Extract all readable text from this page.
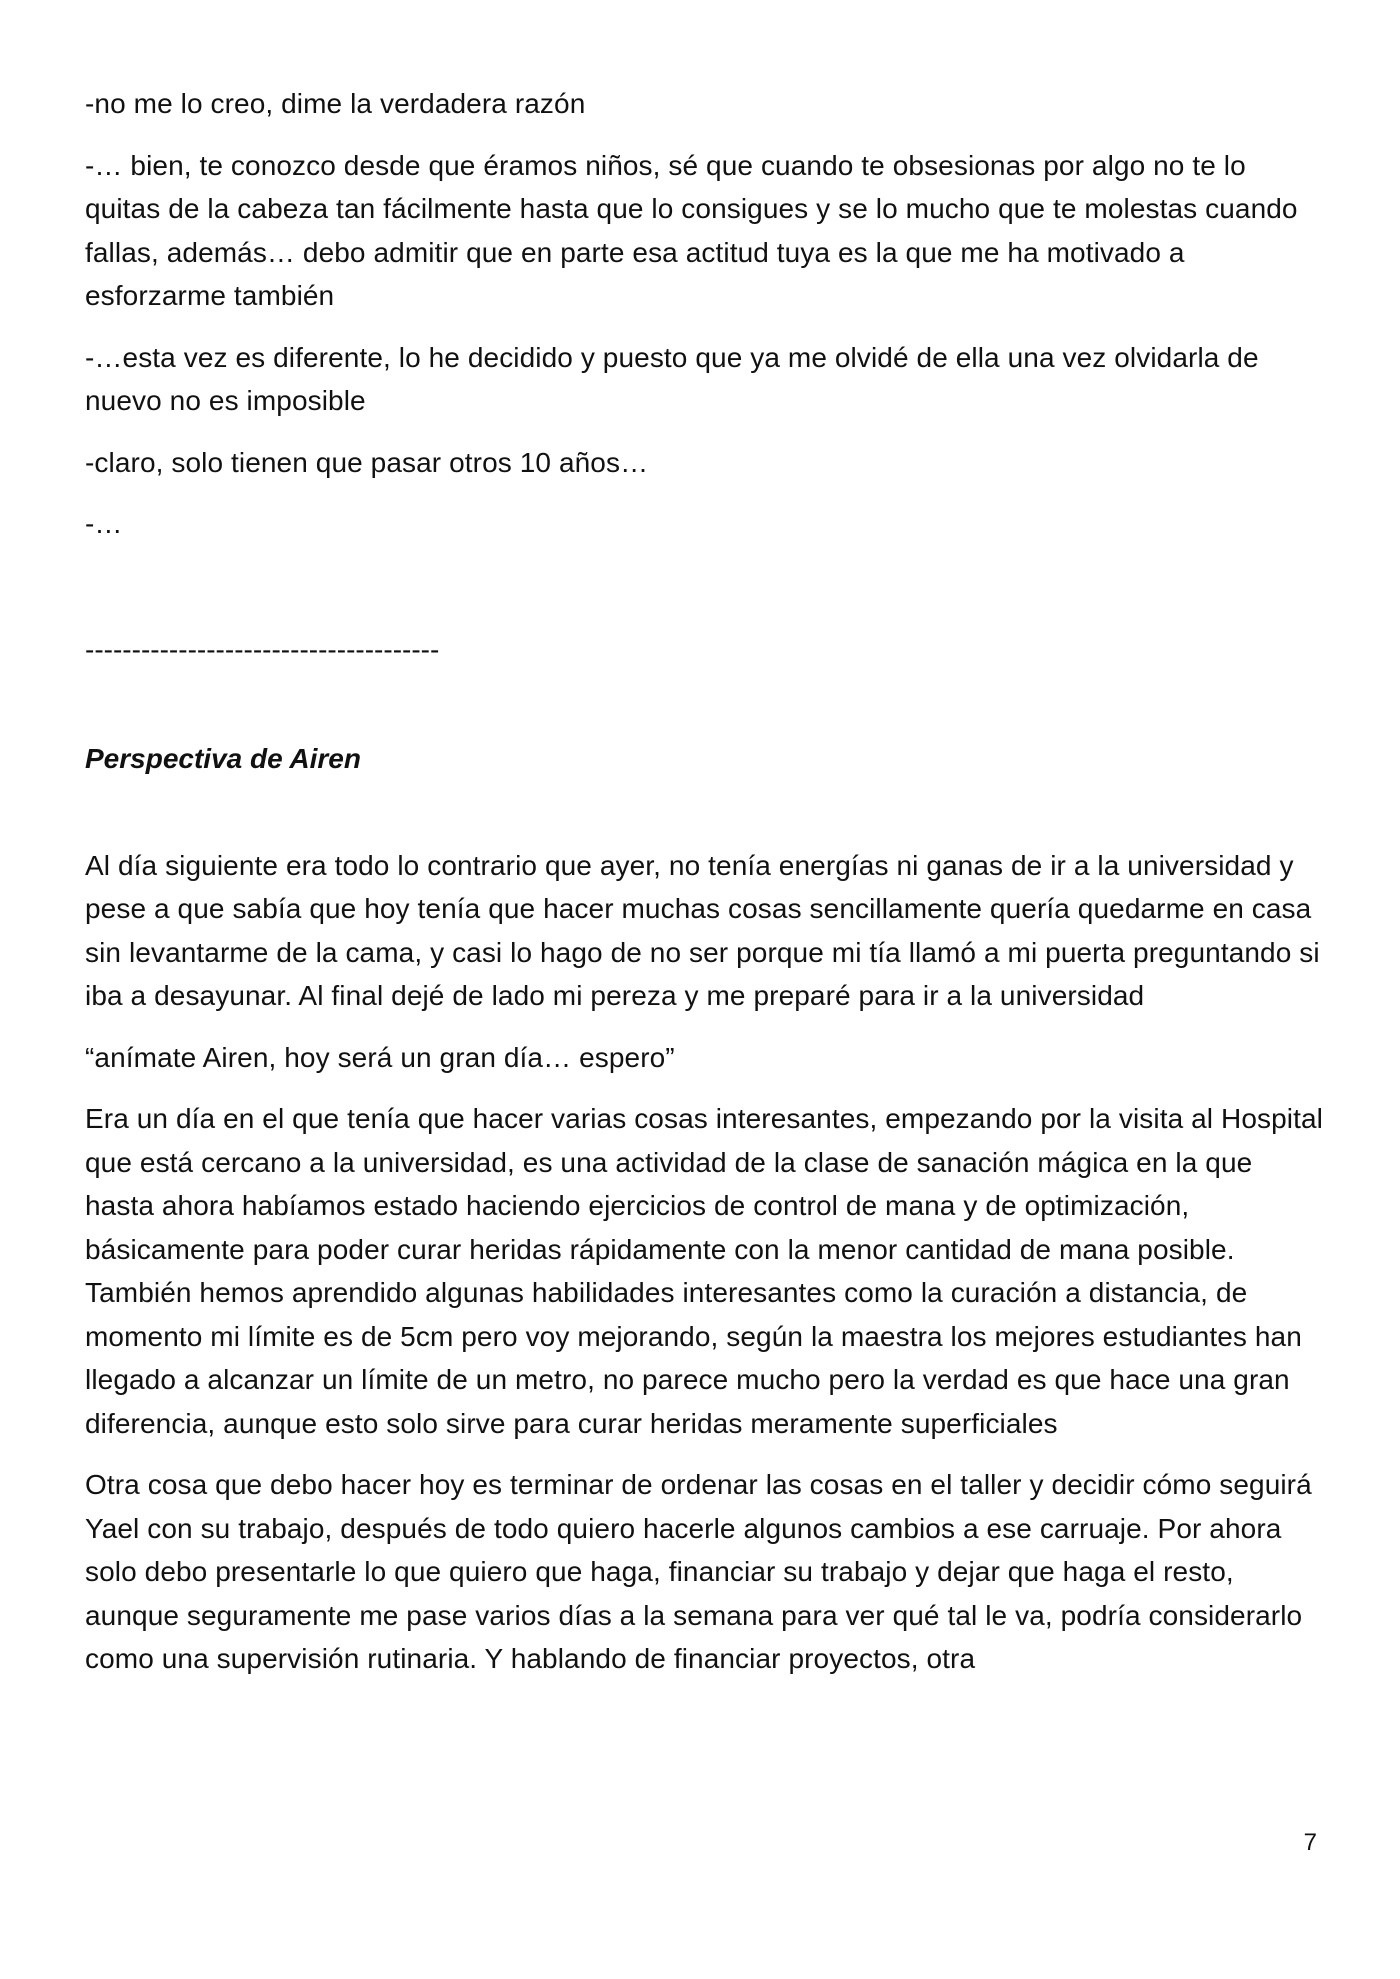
-no me lo creo, dime la verdadera razón

-… bien, te conozco desde que éramos niños, sé que cuando te obsesionas por algo no te lo quitas de la cabeza tan fácilmente hasta que lo consigues y se lo mucho que te molestas cuando fallas, además… debo admitir que en parte esa actitud tuya es la que me ha motivado a esforzarme también

-…esta vez es diferente, lo he decidido y puesto que ya me olvidé de ella una vez olvidarla de nuevo no es imposible

-claro, solo tienen que pasar otros 10 años…

-…

--------------------------------------

Perspectiva de Airen

Al día siguiente era todo lo contrario que ayer, no tenía energías ni ganas de ir a la universidad y pese a que sabía que hoy tenía que hacer muchas cosas sencillamente quería quedarme en casa sin levantarme de la cama, y casi lo hago de no ser porque mi tía llamó a mi puerta preguntando si iba a desayunar. Al final dejé de lado mi pereza y me preparé para ir a la universidad

“anímate Airen, hoy será un gran día… espero”

Era un día en el que tenía que hacer varias cosas interesantes, empezando por la visita al Hospital que está cercano a la universidad, es una actividad de la clase de sanación mágica en la que hasta ahora habíamos estado haciendo ejercicios de control de mana y de optimización, básicamente para poder curar heridas rápidamente con la menor cantidad de mana posible. También hemos aprendido algunas habilidades interesantes como la curación a distancia, de momento mi límite es de 5cm pero voy mejorando, según la maestra los mejores estudiantes han llegado a alcanzar un límite de un metro, no parece mucho pero la verdad es que hace una gran diferencia, aunque esto solo sirve para curar heridas meramente superficiales

Otra cosa que debo hacer hoy es terminar de ordenar las cosas en el taller y decidir cómo seguirá Yael con su trabajo, después de todo quiero hacerle algunos cambios a ese carruaje. Por ahora solo debo presentarle lo que quiero que haga, financiar su trabajo y dejar que haga el resto, aunque seguramente me pase varios días a la semana para ver qué tal le va, podría considerarlo como una supervisión rutinaria. Y hablando de financiar proyectos, otra

7
